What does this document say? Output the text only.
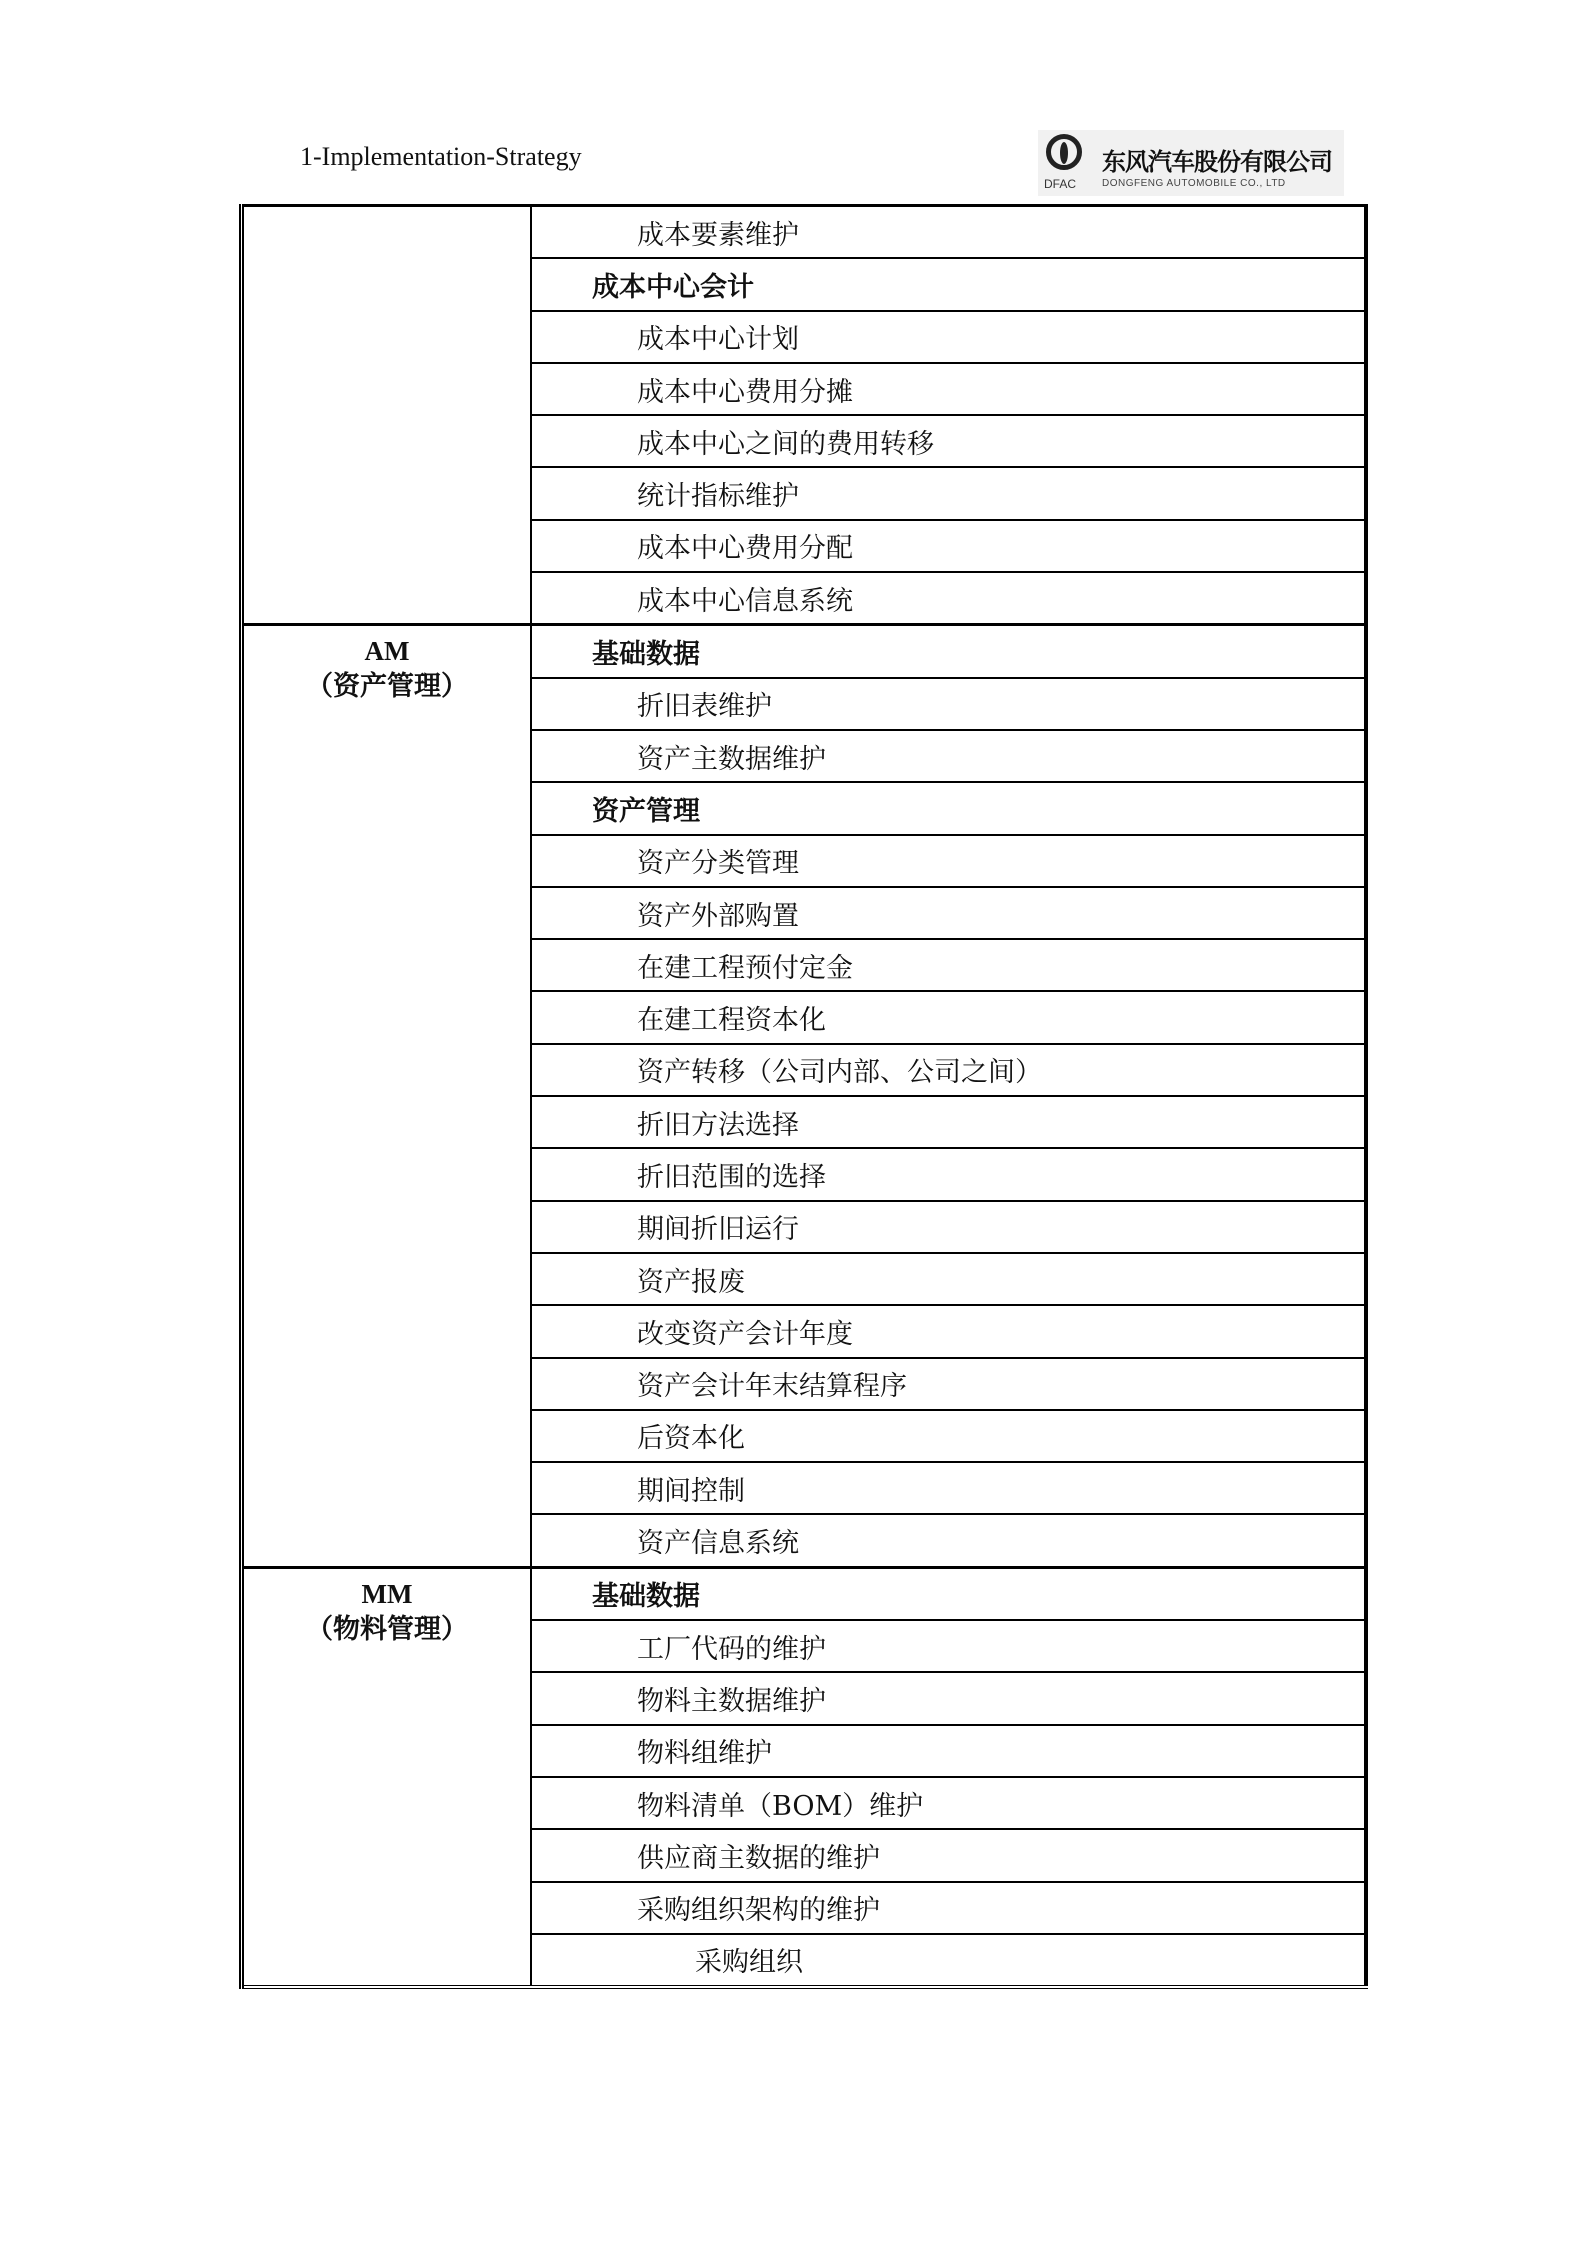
1-Implementation-Strategy
DFAC
东风汽车股份有限公司
DONGFENG AUTOMOBILE CO., LTD
	成本要素维护
	成本中心会计
	成本中心计划
	成本中心费用分摊
	成本中心之间的费用转移
	统计指标维护
	成本中心费用分配
	成本中心信息系统

AM
（资产管理）	基础数据
	折旧表维护
	资产主数据维护
	资产管理
	资产分类管理
	资产外部购置
	在建工程预付定金
	在建工程资本化
	资产转移（公司内部、公司之间）
	折旧方法选择
	折旧范围的选择
	期间折旧运行
	资产报废
	改变资产会计年度
	资产会计年末结算程序
	后资本化
	期间控制
	资产信息系统

MM
（物料管理）	基础数据
	工厂代码的维护
	物料主数据维护
	物料组维护
	物料清单（BOM）维护
	供应商主数据的维护
	采购组织架构的维护
	采购组织
